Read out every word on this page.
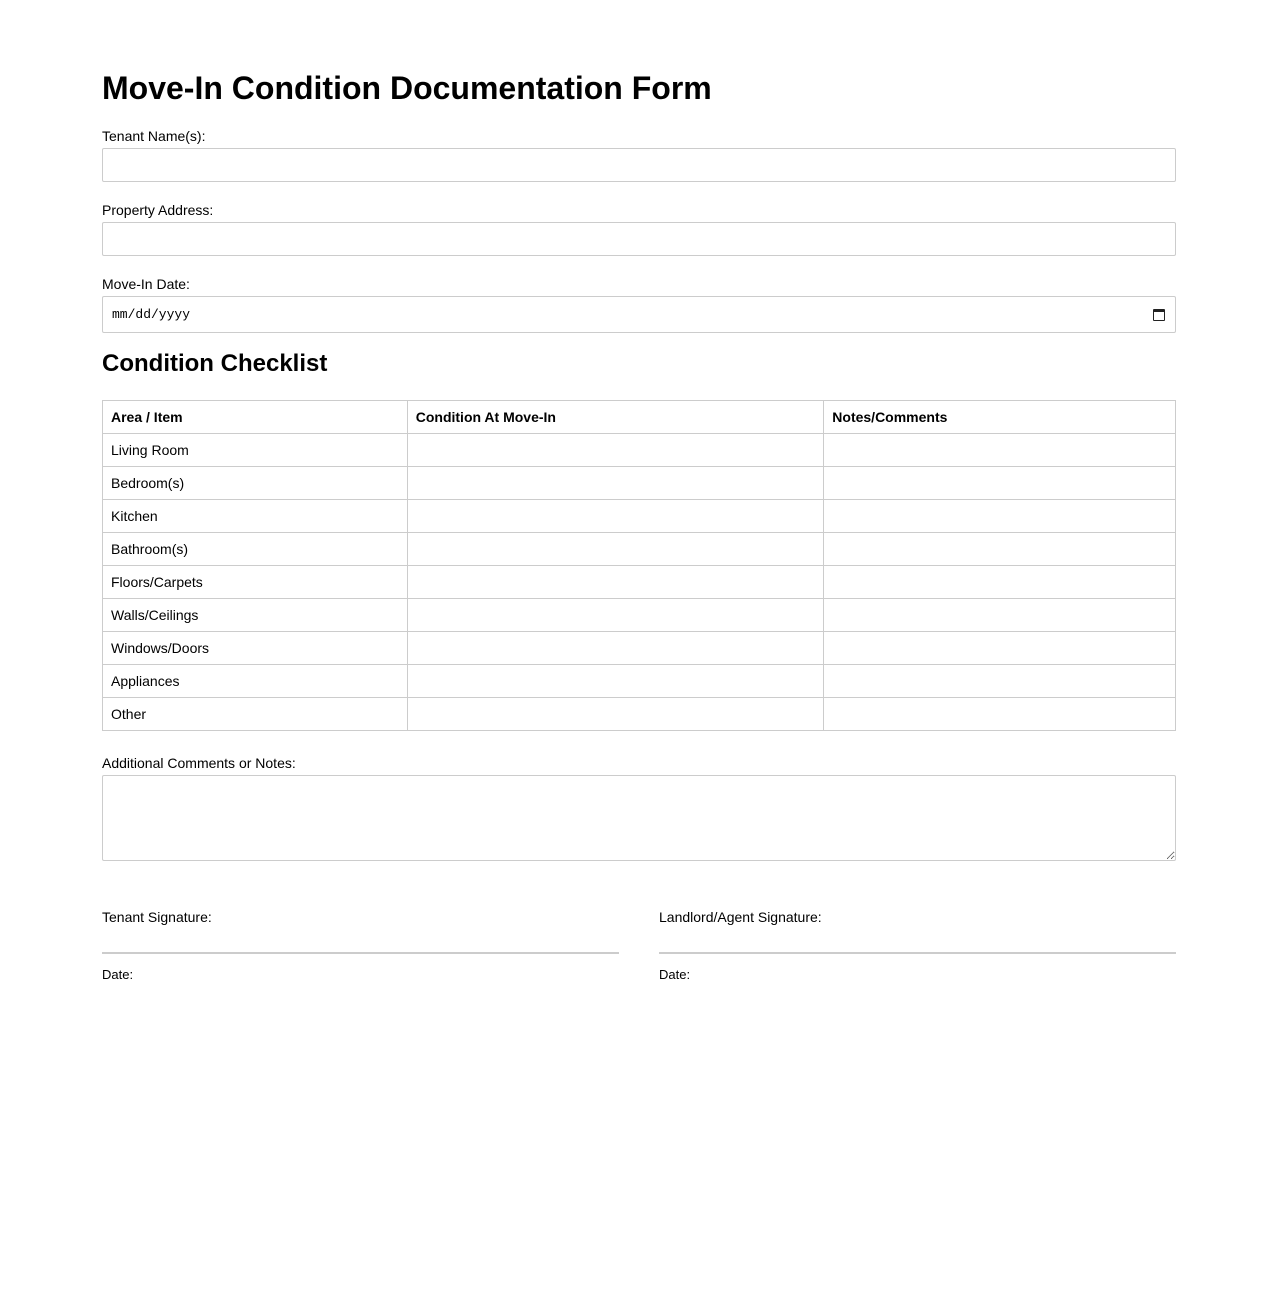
Move-In Condition Documentation Form
Tenant Name(s):
Property Address:
Move-In Date:
mm/dd/yyyy
Condition Checklist
Area / Item	Condition At Move-In	Notes/Comments
Living Room		
Bedroom(s)		
Kitchen		
Bathroom(s)		
Floors/Carpets		
Walls/Ceilings		
Windows/Doors		
Appliances		
Other		
Additional Comments or Notes:
Tenant Signature:
Date:
Landlord/Agent Signature:
Date:
